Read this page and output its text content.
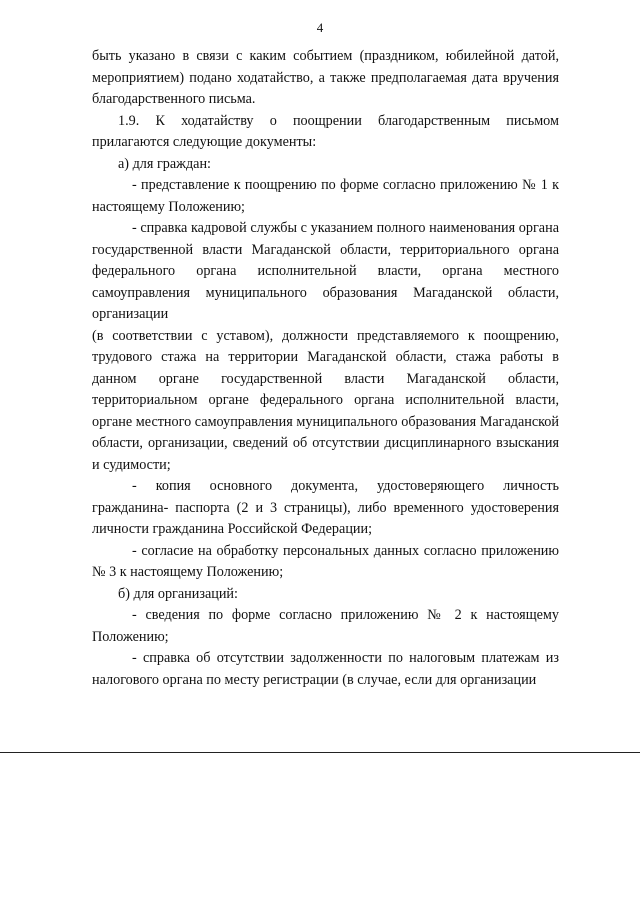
4

быть указано в связи с каким событием (праздником, юбилейной датой, мероприятием) подано ходатайство, а также предполагаемая дата вручения благодарственного письма.

1.9. К ходатайству о поощрении благодарственным письмом прилагаются следующие документы:

а) для граждан:

- представление к поощрению по форме согласно приложению № 1 к настоящему Положению;

- справка кадровой службы с указанием полного наименования органа государственной власти Магаданской области, территориального органа федерального органа исполнительной власти, органа местного самоуправления муниципального образования Магаданской области, организации

(в соответствии с уставом), должности представляемого к поощрению, трудового стажа на территории Магаданской области, стажа работы в данном органе государственной власти Магаданской области, территориальном органе федерального органа исполнительной власти, органе местного самоуправления муниципального образования Магаданской области, организации, сведений об отсутствии дисциплинарного взыскания и судимости;

- копия основного документа, удостоверяющего личность гражданина- паспорта (2 и 3 страницы), либо временного удостоверения личности гражданина Российской Федерации;

- согласие на обработку персональных данных согласно приложению № 3 к настоящему Положению;

б) для организаций:

- сведения по форме согласно приложению № 2 к настоящему Положению;

- справка об отсутствии задолженности по налоговым платежам из налогового органа по месту регистрации (в случае, если для организации
